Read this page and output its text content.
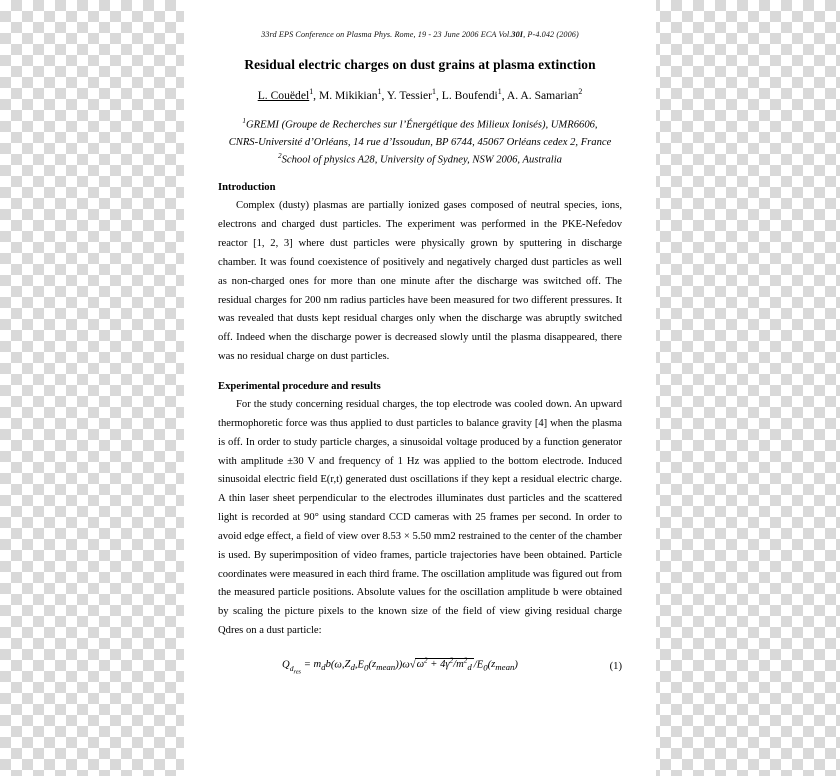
33rd EPS Conference on Plasma Phys. Rome, 19 - 23 June 2006 ECA Vol.30I, P-4.042 (2006)
Residual electric charges on dust grains at plasma extinction
L. Couëdel$^1$, M. Mikikian$^1$, Y. Tessier$^1$, L. Boufendi$^1$, A. A. Samarian$^2$
$^1$GREMI (Groupe de Recherches sur l’Énergétique des Milieux Ionisés), UMR6606,
CNRS-Université d’Orléans, 14 rue d’Issoudun, BP 6744, 45067 Orléans cedex 2, France
$^2$School of physics A28, University of Sydney, NSW 2006, Australia
Introduction

Complex (dusty) plasmas are partially ionized gases composed of neutral species, ions, electrons and charged dust particles. The experiment was performed in the PKE-Nefedov reactor [1, 2, 3] where dust particles were physically grown by sputtering in discharge chamber. It was found coexistence of positively and negatively charged dust particles as well as non-charged ones for more than one minute after the discharge was switched off. The residual charges for 200 nm radius particles have been measured for two different pressures. It was revealed that dusts kept residual charges only when the discharge was abruptly switched off. Indeed when the discharge power is decreased slowly until the plasma disappeared, there was no residual charge on dust particles.

Experimental procedure and results

For the study concerning residual charges, the top electrode was cooled down. An upward thermophoretic force was thus applied to dust particles to balance gravity [4] when the plasma is off. In order to study particle charges, a sinusoidal voltage produced by a function generator with amplitude ±30 V and frequency of 1 Hz was applied to the bottom electrode. Induced sinusoidal electric field E(r,t) generated dust oscillations if they kept a residual electric charge. A thin laser sheet perpendicular to the electrodes illuminates dust particles and the scattered light is recorded at 90° using standard CCD cameras with 25 frames per second. In order to avoid edge effect, a field of view over 8.53 × 5.50 mm2 restrained to the center of the chamber is used. By superimposition of video frames, particle trajectories have been obtained. Particle coordinates were measured in each third frame. The oscillation amplitude was figured out from the measured particle positions. Absolute values for the oscillation amplitude b were obtained by scaling the picture pixels to the known size of the field of view giving residual charge Qdres on a dust particle:

$Q_{d_{res}} = m_db(\omega,Z_d,E_0(z_{mean}))\omega√\omega^2 + 4\gamma^2/m^2_d$ $/E_0(z_{mean})$	(1)
